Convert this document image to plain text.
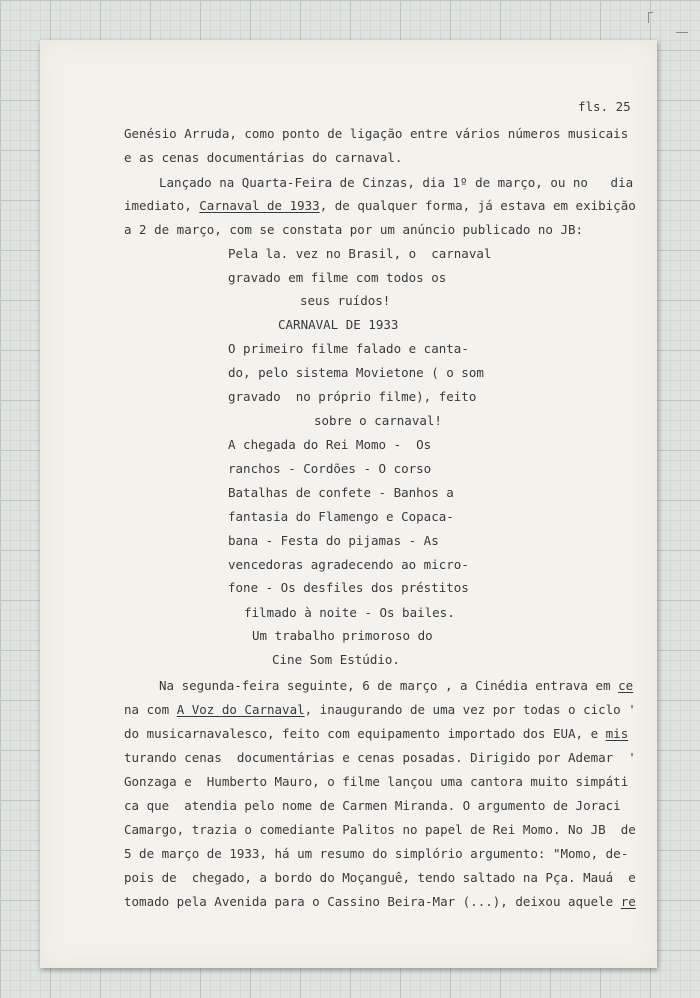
fls. 25
Genésio Arruda, como ponto de ligação entre vários números musicais
e as cenas documentárias do carnaval.
Lançado na Quarta-Feira de Cinzas, dia 1º de março, ou no   dia
imediato, Carnaval de 1933, de qualquer forma, já estava em exibição
a 2 de março, com se constata por um anúncio publicado no JB:
Pela la. vez no Brasil, o  carnaval
gravado em filme com todos os
seus ruídos!
CARNAVAL DE 1933
O primeiro filme falado e canta-
do, pelo sistema Movietone ( o som
gravado  no próprio filme), feito
sobre o carnaval!
A chegada do Rei Momo -  Os
ranchos - Cordões - O corso
Batalhas de confete - Banhos a
fantasia do Flamengo e Copaca-
bana - Festa do pijamas - As
vencedoras agradecendo ao micro-
fone - Os desfiles dos préstitos
filmado à noite - Os bailes.
Um trabalho primoroso do
Cine Som Estúdio.
Na segunda-feira seguinte, 6 de março , a Cinédia entrava em ce
na com A Voz do Carnaval, inaugurando de uma vez por todas o ciclo '
do musicarnavalesco, feito com equipamento importado dos EUA, e mis
turando cenas  documentárias e cenas posadas. Dirigido por Ademar  '
Gonzaga e  Humberto Mauro, o filme lançou uma cantora muito simpáti
ca que  atendia pelo nome de Carmen Miranda. O argumento de Joraci
Camargo, trazia o comediante Palitos no papel de Rei Momo. No JB  de
5 de março de 1933, há um resumo do simplório argumento: "Momo, de-
pois de  chegado, a bordo do Moçanguê, tendo saltado na Pça. Mauá  e
tomado pela Avenida para o Cassino Beira-Mar (...), deixou aquele re
